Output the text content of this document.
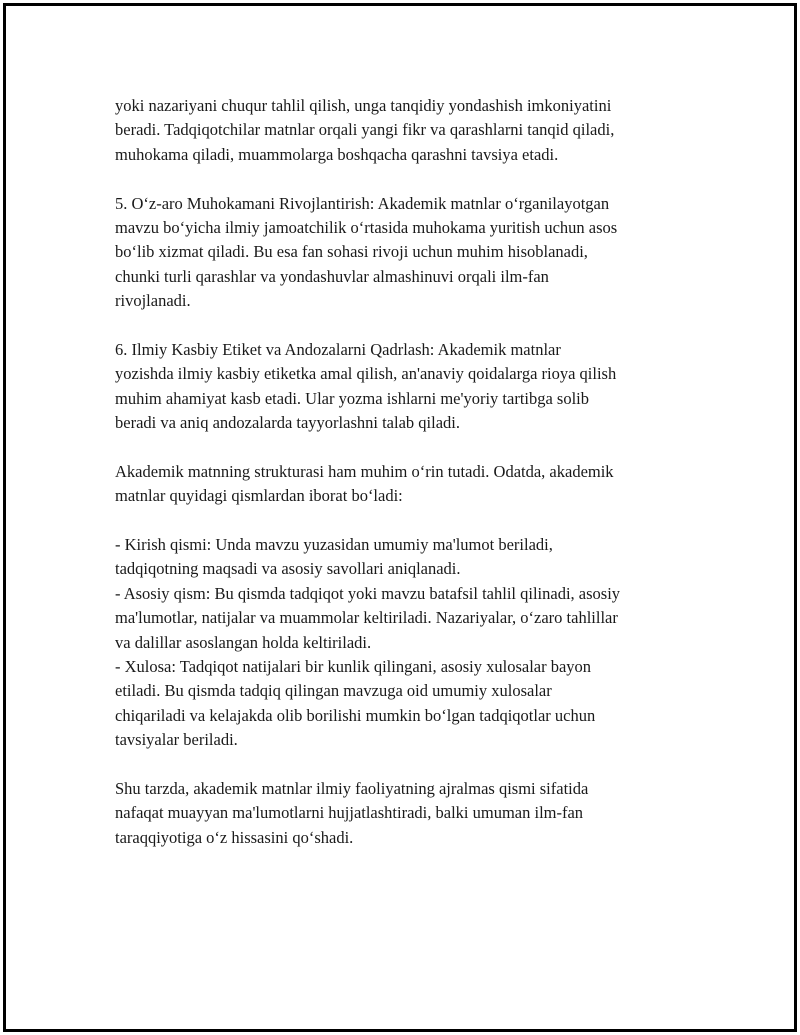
yoki nazariyani chuqur tahlil qilish, unga tanqidiy yondashish imkoniyatini
beradi. Tadqiqotchilar matnlar orqali yangi fikr va qarashlarni tanqid qiladi,
muhokama qiladi, muammolarga boshqacha qarashni tavsiya etadi.
5. O‘z-aro Muhokamani Rivojlantirish: Akademik matnlar o‘rganilayotgan
mavzu bo‘yicha ilmiy jamoatchilik o‘rtasida muhokama yuritish uchun asos
bo‘lib xizmat qiladi. Bu esa fan sohasi rivoji uchun muhim hisoblanadi,
chunki turli qarashlar va yondashuvlar almashinuvi orqali ilm-fan
rivojlanadi.
6. Ilmiy Kasbiy Etiket va Andozalarni Qadrlash: Akademik matnlar
yozishda ilmiy kasbiy etiketka amal qilish, an'anaviy qoidalarga rioya qilish
muhim ahamiyat kasb etadi. Ular yozma ishlarni me'yoriy tartibga solib
beradi va aniq andozalarda tayyorlashni talab qiladi.
Akademik matnning strukturasi ham muhim o‘rin tutadi. Odatda, akademik
matnlar quyidagi qismlardan iborat bo‘ladi:
- Kirish qismi: Unda mavzu yuzasidan umumiy ma'lumot beriladi,
tadqiqotning maqsadi va asosiy savollari aniqlanadi.
- Asosiy qism: Bu qismda tadqiqot yoki mavzu batafsil tahlil qilinadi, asosiy
ma'lumotlar, natijalar va muammolar keltiriladi. Nazariyalar, o‘zaro tahlillar
va dalillar asoslangan holda keltiriladi.
- Xulosa: Tadqiqot natijalari bir kunlik qilingani, asosiy xulosalar bayon
etiladi. Bu qismda tadqiq qilingan mavzuga oid umumiy xulosalar
chiqariladi va kelajakda olib borilishi mumkin bo‘lgan tadqiqotlar uchun
tavsiyalar beriladi.
Shu tarzda, akademik matnlar ilmiy faoliyatning ajralmas qismi sifatida
nafaqat muayyan ma'lumotlarni hujjatlashtiradi, balki umuman ilm-fan
taraqqiyotiga o‘z hissasini qo‘shadi.
